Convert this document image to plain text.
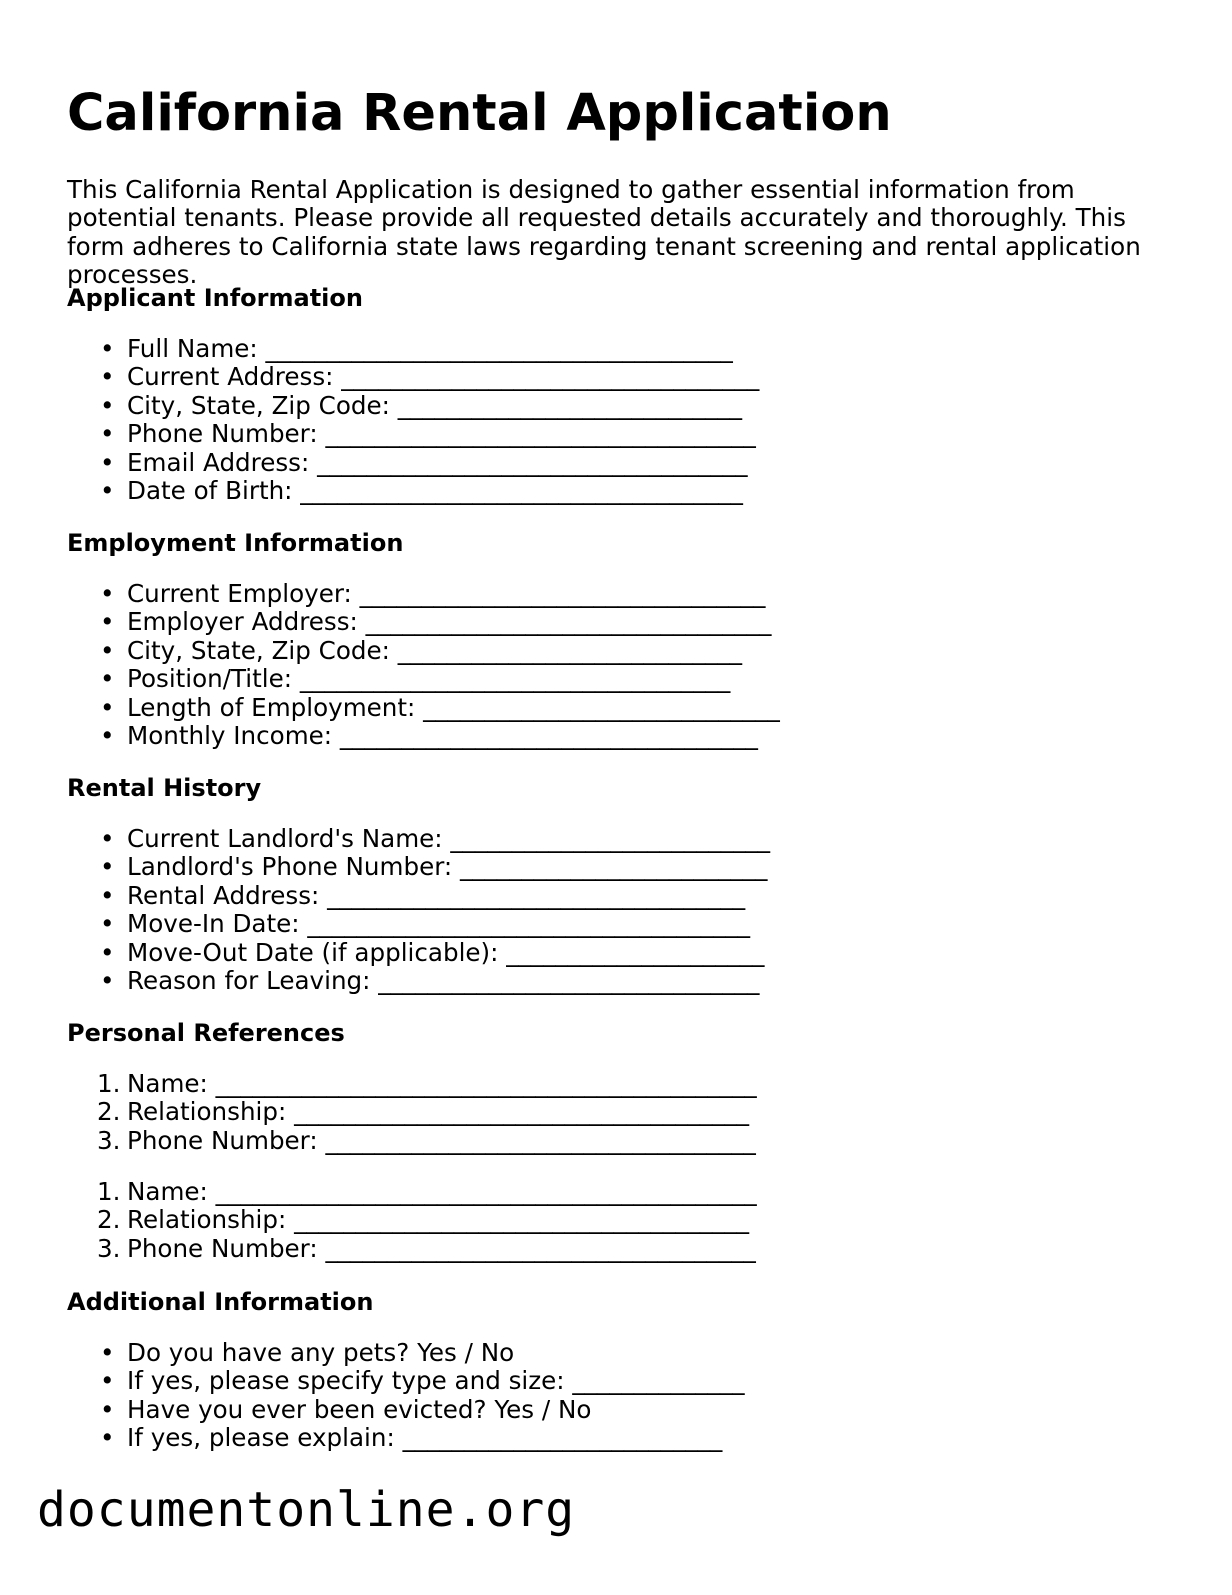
California Rental Application

This California Rental Application is designed to gather essential information from potential tenants. Please provide all requested details accurately and thoroughly. This form adheres to California state laws regarding tenant screening and rental application processes.

Applicant Information
• Full Name: ______________________________________
• Current Address: __________________________________
• City, State, Zip Code: ____________________________
• Phone Number: ___________________________________
• Email Address: ___________________________________
• Date of Birth: ____________________________________
Employment Information
• Current Employer: _________________________________
• Employer Address: _________________________________
• City, State, Zip Code: ____________________________
• Position/Title: ___________________________________
• Length of Employment: _____________________________
• Monthly Income: __________________________________
Rental History
• Current Landlord's Name: __________________________
• Landlord's Phone Number: _________________________
• Rental Address: __________________________________
• Move-In Date: ____________________________________
• Move-Out Date (if applicable): _____________________
• Reason for Leaving: _______________________________
Personal References
1. Name: ____________________________________________
2. Relationship: _____________________________________
3. Phone Number: ___________________________________
1. Name: ____________________________________________
2. Relationship: _____________________________________
3. Phone Number: ___________________________________
Additional Information
• Do you have any pets? Yes / No
• If yes, please specify type and size: ______________
• Have you ever been evicted? Yes / No
• If yes, please explain: __________________________

documentonline.org
